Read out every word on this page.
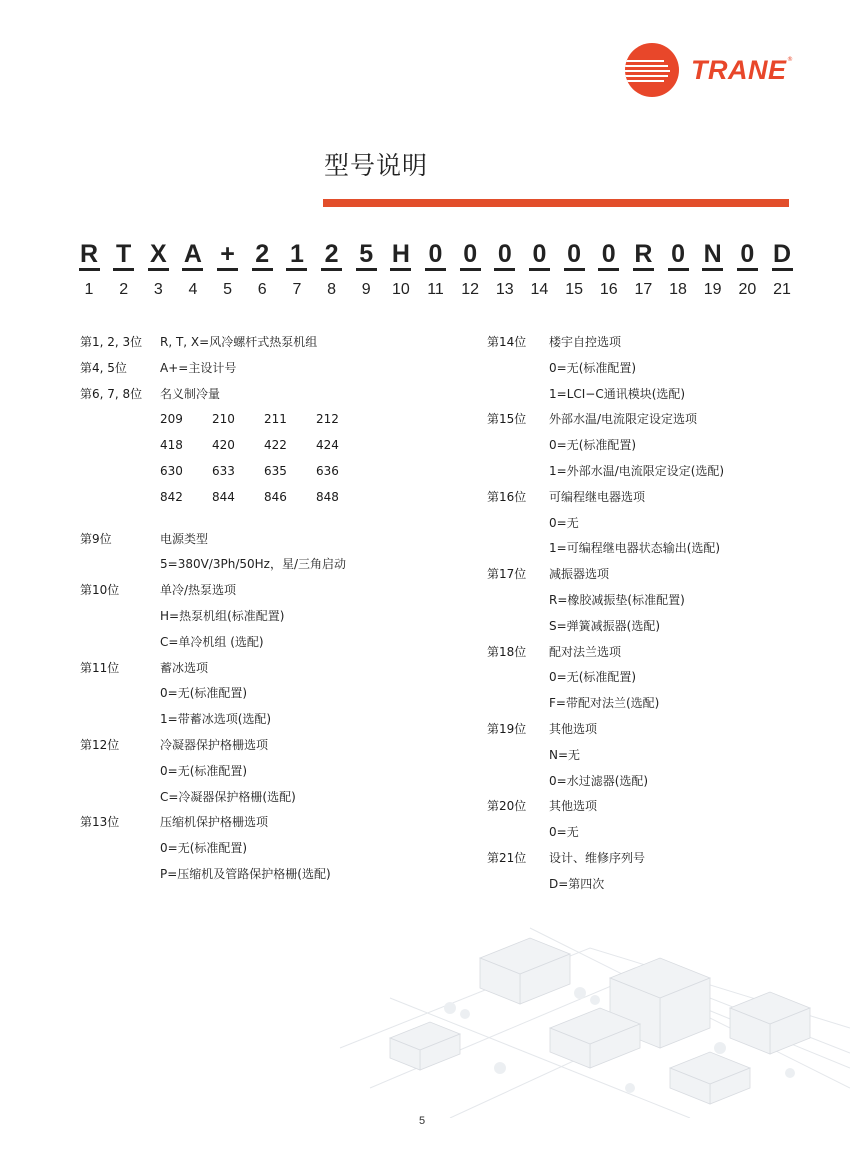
TRANE ®
型号说明
R T X A + 2 1 2 5 H 0 0 0 0 0 0 R 0 N 0 D
1	2	3	4	5	6	7	8	9	10	11	12	13	14	15	16	17	18	19	20	21
第1, 2, 3位 R, T, X=风冷螺杆式热泵机组
第4, 5位	A+=主设计号
第6, 7, 8位 名义制冷量
209	210	211	212
418	420	422	424
630	633	635	636
842	844	846	848
第9位	电源类型
5=380V/3Ph/50Hz，星/三角启动
第10位	单冷/热泵选项
H=热泵机组(标准配置)
C=单冷机组 (选配)
第11位	蓄冰选项
0=无(标准配置)
1=带蓄冰选项(选配)
第12位	冷凝器保护格栅选项
0=无(标准配置)
C=冷凝器保护格栅(选配)
第13位	压缩机保护格栅选项
0=无(标准配置)
P=压缩机及管路保护格栅(选配)
第14位 楼宇自控选项
0=无(标准配置)
1=LCI−C通讯模块(选配)
第15位 外部水温/电流限定设定选项
0=无(标准配置)
1=外部水温/电流限定设定(选配)
第16位 可编程继电器选项
0=无
1=可编程继电器状态输出(选配)
第17位 减振器选项
R=橡胶减振垫(标准配置)
S=弹簧减振器(选配)
第18位 配对法兰选项
0=无(标准配置)
F=带配对法兰(选配)
第19位 其他选项
N=无
0=水过滤器(选配)
第20位 其他选项
0=无
第21位 设计、维修序列号
D=第四次
5
